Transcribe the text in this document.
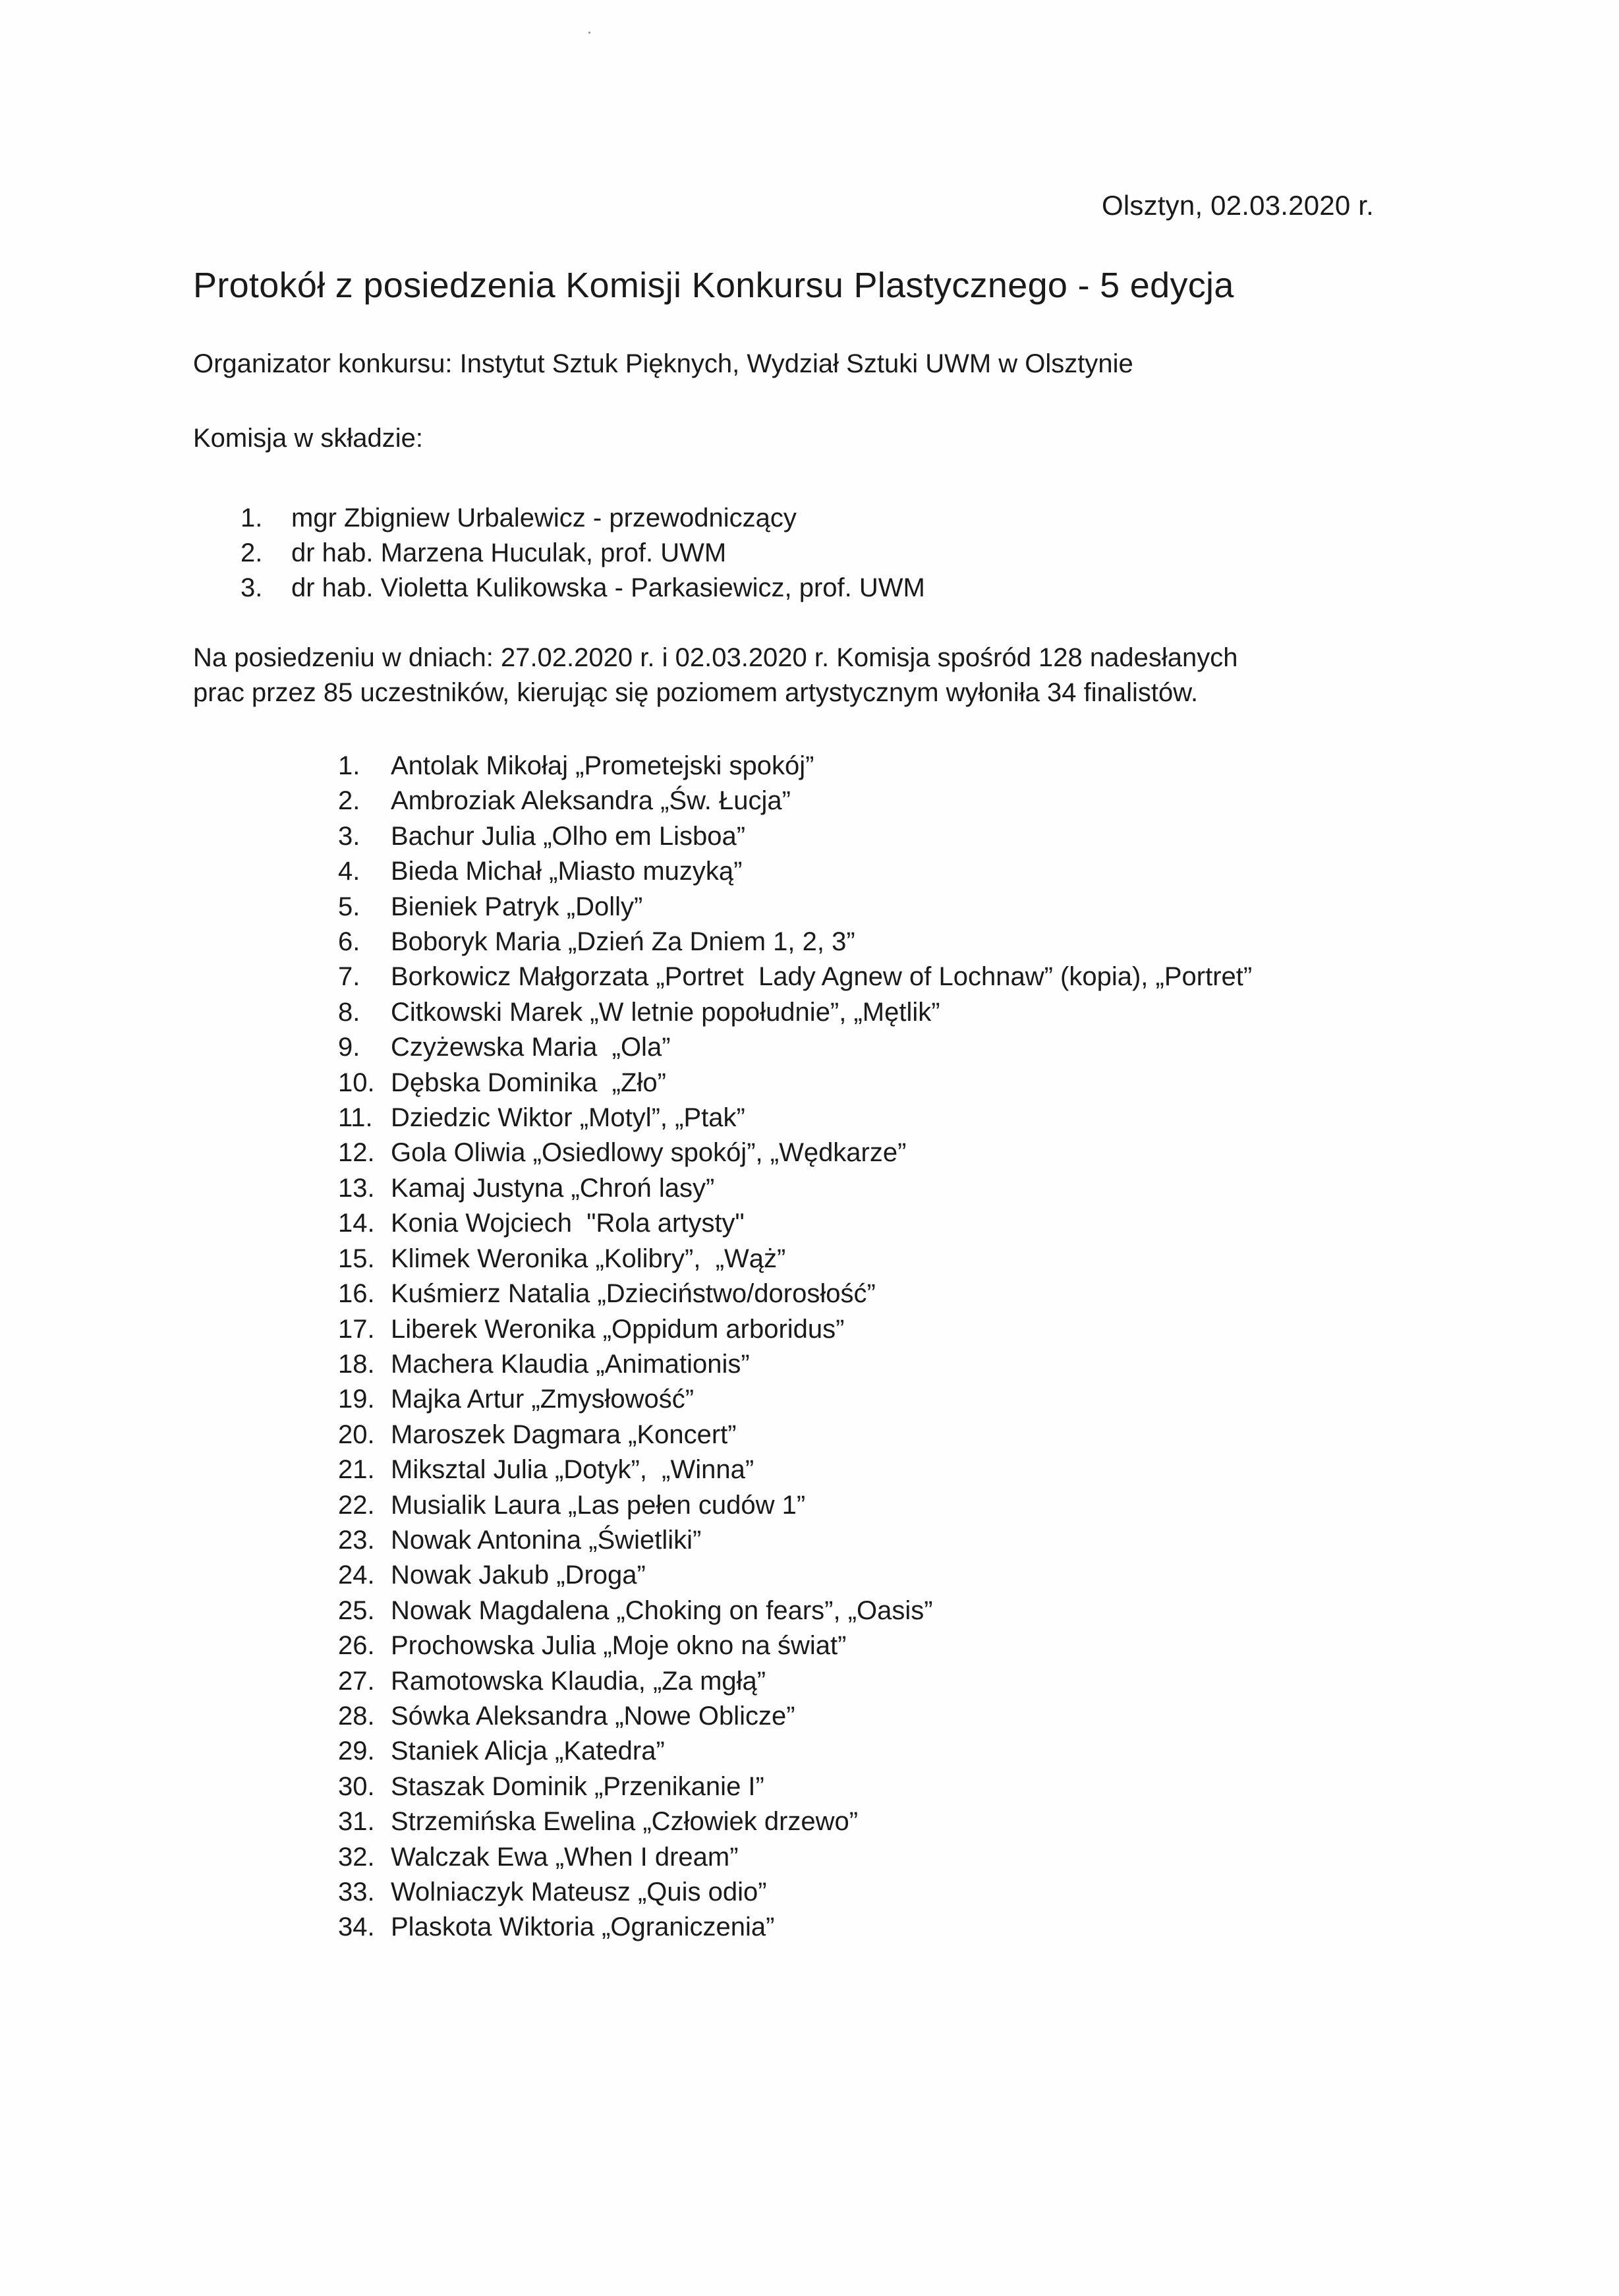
Olsztyn, 02.03.2020 r.
Protokół z posiedzenia Komisji Konkursu Plastycznego - 5 edycja
Organizator konkursu: Instytut Sztuk Pięknych, Wydział Sztuki UWM w Olsztynie
Komisja w składzie:
1.	mgr Zbigniew Urbalewicz - przewodniczący
2.	dr hab. Marzena Huculak, prof. UWM
3.	dr hab. Violetta Kulikowska - Parkasiewicz, prof. UWM
Na posiedzeniu w dniach: 27.02.2020 r. i 02.03.2020 r. Komisja spośród 128 nadesłanych
prac przez 85 uczestników, kierując się poziomem artystycznym wyłoniła 34 finalistów.
1.	Antolak Mikołaj „Prometejski spokój”
2.	Ambroziak Aleksandra „Św. Łucja”
3.	Bachur Julia „Olho em Lisboa”
4.	Bieda Michał „Miasto muzyką”
5.	Bieniek Patryk „Dolly”
6.	Boboryk Maria „Dzień Za Dniem 1, 2, 3”
7.	Borkowicz Małgorzata „Portret  Lady Agnew of Lochnaw” (kopia), „Portret”
8.	Citkowski Marek „W letnie popołudnie”, „Mętlik”
9.	Czyżewska Maria  „Ola”
10. Dębska Dominika  „Zło”
11. Dziedzic Wiktor „Motyl”, „Ptak”
12. Gola Oliwia „Osiedlowy spokój”, „Wędkarze”
13. Kamaj Justyna „Chroń lasy”
14. Konia Wojciech  "Rola artysty"
15. Klimek Weronika „Kolibry”,  „Wąż”
16. Kuśmierz Natalia „Dzieciństwo/dorosłość”
17. Liberek Weronika „Oppidum arboridus”
18. Machera Klaudia „Animationis”
19. Majka Artur „Zmysłowość”
20. Maroszek Dagmara „Koncert”
21. Miksztal Julia „Dotyk”,  „Winna”
22. Musialik Laura „Las pełen cudów 1”
23. Nowak Antonina „Świetliki”
24. Nowak Jakub „Droga”
25. Nowak Magdalena „Choking on fears”, „Oasis”
26. Prochowska Julia „Moje okno na świat”
27. Ramotowska Klaudia, „Za mgłą”
28. Sówka Aleksandra „Nowe Oblicze”
29. Staniek Alicja „Katedra”
30. Staszak Dominik „Przenikanie I”
31. Strzemińska Ewelina „Człowiek drzewo”
32. Walczak Ewa „When I dream”
33. Wolniaczyk Mateusz „Quis odio”
34. Plaskota Wiktoria „Ograniczenia”
